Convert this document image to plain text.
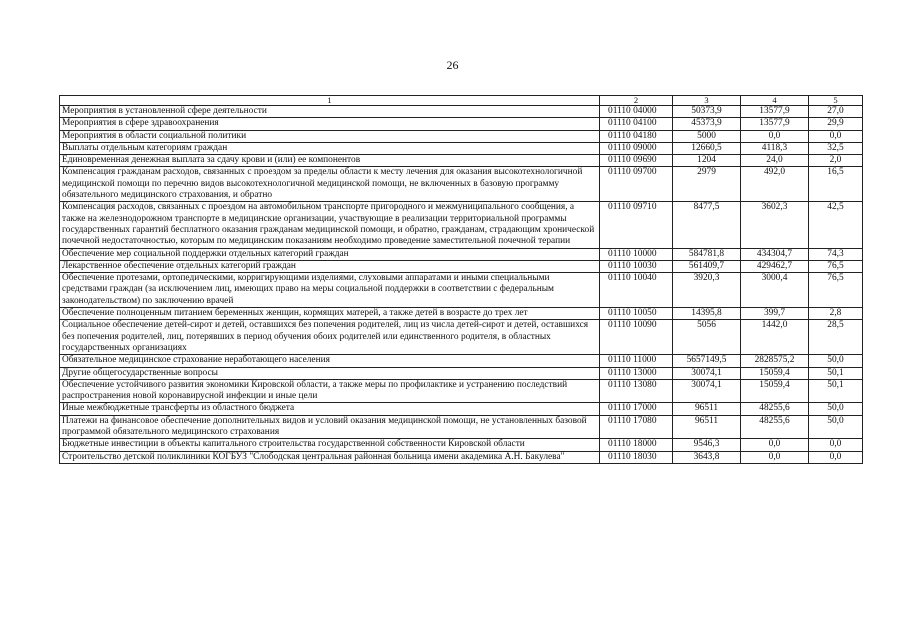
26
1	2	3	4	5
Мероприятия в установленной сфере деятельности	01110 04000	50373,9	13577,9	27,0
Мероприятия в сфере здравоохранения	01110 04100	45373,9	13577,9	29,9
Мероприятия в области социальной политики	01110 04180	5000	0,0	0,0
Выплаты отдельным категориям граждан	01110 09000	12660,5	4118,3	32,5
Единовременная денежная выплата за сдачу крови и (или) ее компонентов	01110 09690	1204	24,0	2,0
Компенсация гражданам расходов, связанных с проездом за пределы области к месту лечения для оказания высокотехнологичной медицинской помощи по перечню видов высокотехнологичной медицинской помощи, не включенных в базовую программу обязательного медицинского страхования, и обратно	01110 09700	2979	492,0	16,5
Компенсация расходов, связанных с проездом на автомобильном транспорте пригородного и межмуниципального сообщения, а также на железнодорожном транспорте в медицинские организации, участвующие в реализации территориальной программы государственных гарантий бесплатного оказания гражданам медицинской помощи, и обратно, гражданам, страдающим хронической почечной недостаточностью, которым по медицинским показаниям необходимо проведение заместительной почечной терапии	01110 09710	8477,5	3602,3	42,5
Обеспечение мер социальной поддержки отдельных категорий граждан	01110 10000	584781,8	434304,7	74,3
Лекарственное обеспечение отдельных категорий граждан	01110 10030	561409,7	429462,7	76,5
Обеспечение протезами, ортопедическими, корригирующими изделиями, слуховыми аппаратами и иными специальными средствами граждан (за исключением лиц, имеющих право на меры социальной поддержки в соответствии с федеральным законодательством) по заключению врачей	01110 10040	3920,3	3000,4	76,5
Обеспечение полноценным питанием беременных женщин, кормящих матерей, а также детей в возрасте до трех лет	01110 10050	14395,8	399,7	2,8
Социальное обеспечение детей-сирот и детей, оставшихся без попечения родителей, лиц из числа детей-сирот и детей, оставшихся без попечения родителей, лиц, потерявших в период обучения обоих родителей или единственного родителя, в областных государственных организациях	01110 10090	5056	1442,0	28,5
Обязательное медицинское страхование неработающего населения	01110 11000	5657149,5	2828575,2	50,0
Другие общегосударственные вопросы	01110 13000	30074,1	15059,4	50,1
Обеспечение устойчивого развития экономики Кировской области, а также меры по профилактике и устранению последствий распространения новой коронавирусной инфекции и иные цели	01110 13080	30074,1	15059,4	50,1
Иные межбюджетные трансферты из областного бюджета	01110 17000	96511	48255,6	50,0
Платежи на финансовое обеспечение дополнительных видов и условий оказания медицинской помощи, не установленных базовой программой обязательного медицинского страхования	01110 17080	96511	48255,6	50,0
Бюджетные инвестиции в объекты капитального строительства государственной собственности Кировской области	01110 18000	9546,3	0,0	0,0
Строительство детской поликлиники КОГБУЗ "Слободская центральная районная больница имени академика А.Н. Бакулева"	01110 18030	3643,8	0,0	0,0
